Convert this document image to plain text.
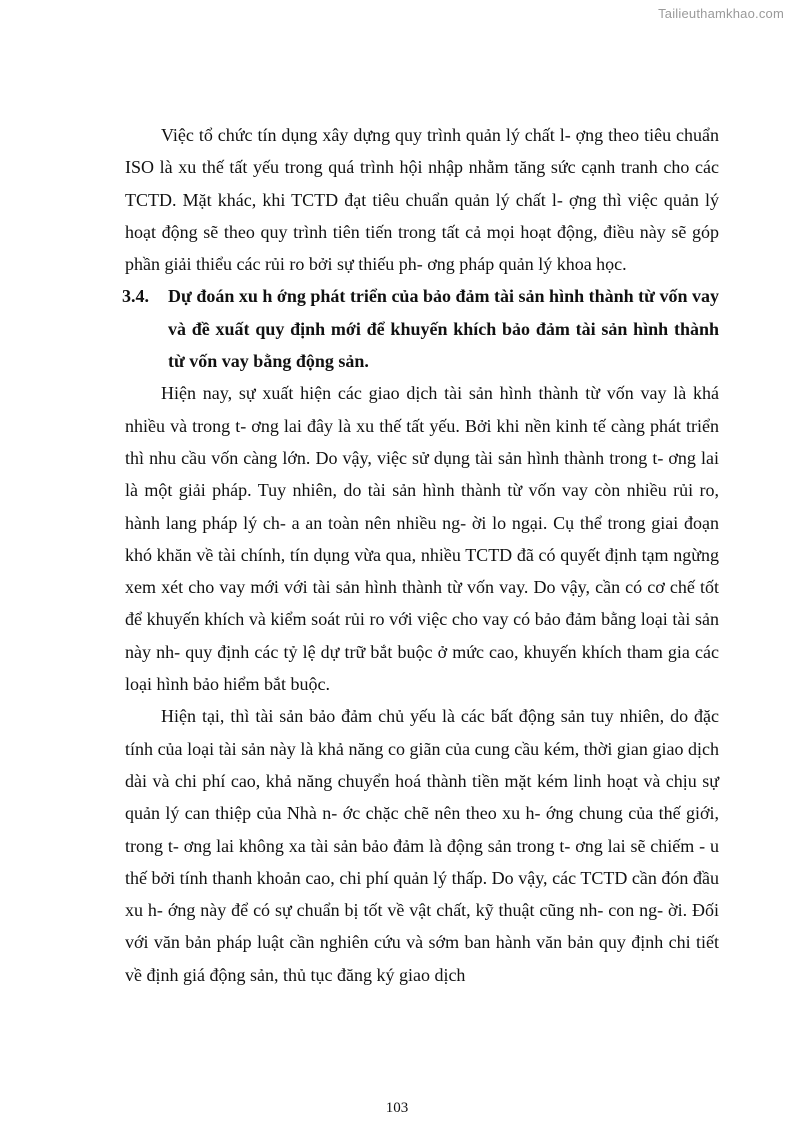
Tailieuthamkhao.com

Việc tổ chức tín dụng xây dựng quy trình quản lý chất l- ợng theo tiêu chuẩn ISO là xu thế tất yếu trong quá trình hội nhập nhằm tăng sức cạnh tranh cho các TCTD. Mặt khác, khi TCTD đạt tiêu chuẩn quản lý chất l- ợng thì việc quản lý hoạt động sẽ theo quy trình tiên tiến trong tất cả mọi hoạt động, điều này sẽ góp phần giải thiểu các rủi ro bởi sự thiếu ph- ơng pháp quản lý khoa học.

3.4. Dự đoán xu h ớng phát triển của bảo đảm tài sản hình thành từ vốn vay và đề xuất quy định mới để khuyến khích bảo đảm tài sản hình thành từ vốn vay bằng động sản.

Hiện nay, sự xuất hiện các giao dịch tài sản hình thành từ vốn vay là khá nhiều và trong t- ơng lai đây là xu thế tất yếu. Bởi khi nền kinh tế càng phát triển thì nhu cầu vốn càng lớn. Do vậy, việc sử dụng tài sản hình thành trong t- ơng lai là một giải pháp. Tuy nhiên, do tài sản hình thành từ vốn vay còn nhiều rủi ro, hành lang pháp lý ch- a an toàn nên nhiều ng- ời lo ngại. Cụ thể trong giai đoạn khó khăn về tài chính, tín dụng vừa qua, nhiều TCTD đã có quyết định tạm ngừng xem xét cho vay mới với tài sản hình thành từ vốn vay. Do vậy, cần có cơ chế tốt để khuyến khích và kiểm soát rủi ro với việc cho vay có bảo đảm bằng loại tài sản này nh- quy định các tỷ lệ dự trữ bắt buộc ở mức cao, khuyến khích tham gia các loại hình bảo hiểm bắt buộc.

Hiện tại, thì tài sản bảo đảm chủ yếu là các bất động sản tuy nhiên, do đặc tính của loại tài sản này là khả năng co giãn của cung cầu kém, thời gian giao dịch dài và chi phí cao, khả năng chuyển hoá thành tiền mặt kém linh hoạt và chịu sự quản lý can thiệp của Nhà n- ớc chặc chẽ nên theo xu h- ớng chung của thế giới, trong t- ơng lai không xa tài sản bảo đảm là động sản trong t- ơng lai sẽ chiếm - u thế bởi tính thanh khoản cao, chi phí quản lý thấp. Do vậy, các TCTD cần đón đầu xu h- ớng này để có sự chuẩn bị tốt về vật chất, kỹ thuật cũng nh- con ng- ời. Đối với văn bản pháp luật cần nghiên cứu và sớm ban hành văn bản quy định chi tiết về định giá động sản, thủ tục đăng ký giao dịch

103
